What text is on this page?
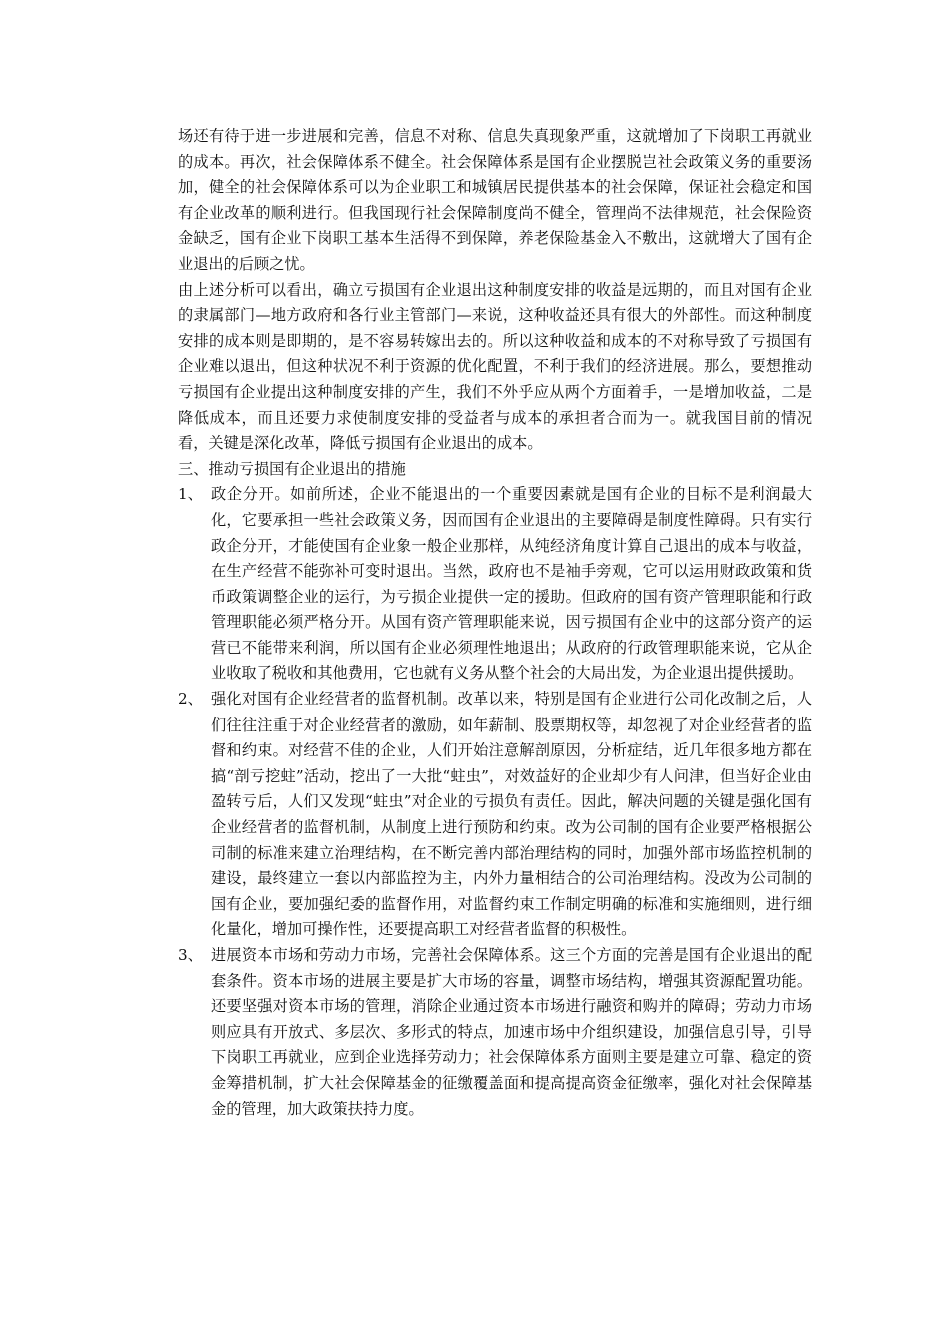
场还有待于进一步进展和完善，信息不对称、信息失真现象严重，这就增加了下岗职工再就业的成本。再次，社会保障体系不健全。社会保障体系是国有企业摆脱岂社会政策义务的重要汤加，健全的社会保障体系可以为企业职工和城镇居民提供基本的社会保障，保证社会稳定和国有企业改革的顺利进行。但我国现行社会保障制度尚不健全，管理尚不法律规范，社会保险资金缺乏，国有企业下岗职工基本生活得不到保障，养老保险基金入不敷出，这就增大了国有企业退出的后顾之忧。

由上述分析可以看出，确立亏损国有企业退出这种制度安排的收益是远期的，而且对国有企业的隶属部门—地方政府和各行业主管部门—来说，这种收益还具有很大的外部性。而这种制度安排的成本则是即期的，是不容易转嫁出去的。所以这种收益和成本的不对称导致了亏损国有企业难以退出，但这种状况不利于资源的优化配置，不利于我们的经济进展。那么，要想推动亏损国有企业提出这种制度安排的产生，我们不外乎应从两个方面着手，一是增加收益，二是降低成本，而且还要力求使制度安排的受益者与成本的承担者合而为一。就我国目前的情况看，关键是深化改革，降低亏损国有企业退出的成本。

三、推动亏损国有企业退出的措施

1、 政企分开。如前所述，企业不能退出的一个重要因素就是国有企业的目标不是利润最大化，它要承担一些社会政策义务，因而国有企业退出的主要障碍是制度性障碍。只有实行政企分开，才能使国有企业象一般企业那样，从纯经济角度计算自己退出的成本与收益，在生产经营不能弥补可变时退出。当然，政府也不是袖手旁观，它可以运用财政政策和货币政策调整企业的运行，为亏损企业提供一定的援助。但政府的国有资产管理职能和行政管理职能必须严格分开。从国有资产管理职能来说，因亏损国有企业中的这部分资产的运营已不能带来利润，所以国有企业必须理性地退出；从政府的行政管理职能来说，它从企业收取了税收和其他费用，它也就有义务从整个社会的大局出发，为企业退出提供援助。
2、 强化对国有企业经营者的监督机制。改革以来，特别是国有企业进行公司化改制之后，人们往往注重于对企业经营者的激励，如年薪制、股票期权等，却忽视了对企业经营者的监督和约束。对经营不佳的企业，人们开始注意解剖原因，分析症结，近几年很多地方都在搞“剖亏挖蛀”活动，挖出了一大批“蛀虫”，对效益好的企业却少有人问津，但当好企业由盈转亏后，人们又发现“蛀虫”对企业的亏损负有责任。因此，解决问题的关键是强化国有企业经营者的监督机制，从制度上进行预防和约束。改为公司制的国有企业要严格根据公司制的标准来建立治理结构，在不断完善内部治理结构的同时，加强外部市场监控机制的建设，最终建立一套以内部监控为主，内外力量相结合的公司治理结构。没改为公司制的国有企业，要加强纪委的监督作用，对监督约束工作制定明确的标准和实施细则，进行细化量化，增加可操作性，还要提高职工对经营者监督的积极性。
3、 进展资本市场和劳动力市场，完善社会保障体系。这三个方面的完善是国有企业退出的配套条件。资本市场的进展主要是扩大市场的容量，调整市场结构，增强其资源配置功能。还要坚强对资本市场的管理，消除企业通过资本市场进行融资和购并的障碍；劳动力市场则应具有开放式、多层次、多形式的特点，加速市场中介组织建设，加强信息引导，引导下岗职工再就业，应到企业选择劳动力；社会保障体系方面则主要是建立可靠、稳定的资金筹措机制，扩大社会保障基金的征缴覆盖面和提高提高资金征缴率，强化对社会保障基金的管理，加大政策扶持力度。
